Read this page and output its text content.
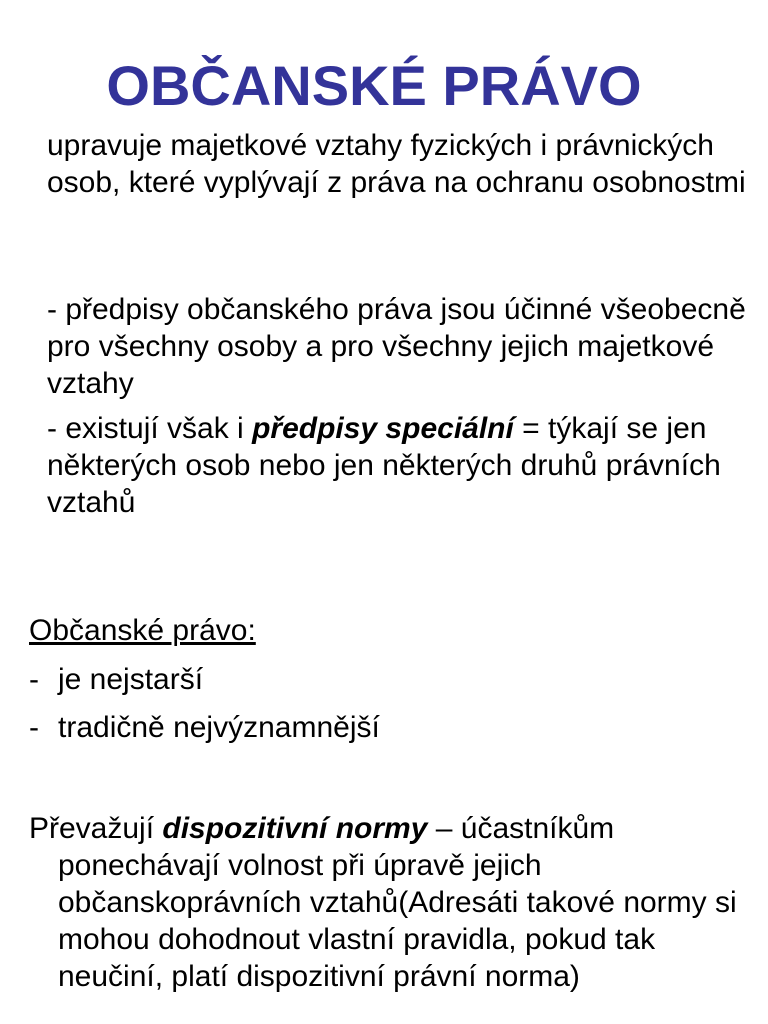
OBČANSKÉ PRÁVO
upravuje majetkové vztahy fyzických i právnických osob, které vyplývají z práva na ochranu osobnostmi
- předpisy občanského práva jsou účinné všeobecně pro všechny osoby a pro všechny jejich majetkové vztahy
- existují však i předpisy speciální = týkají se jen některých osob nebo jen některých druhů právních vztahů
Občanské právo:
- je nejstarší
- tradičně nejvýznamnější
Převažují dispozitivní normy – účastníkům ponechávají volnost při úpravě jejich občanskoprávních vztahů(Adresáti takové normy si mohou dohodnout vlastní pravidla, pokud tak neučiní, platí dispozitivní právní norma)
